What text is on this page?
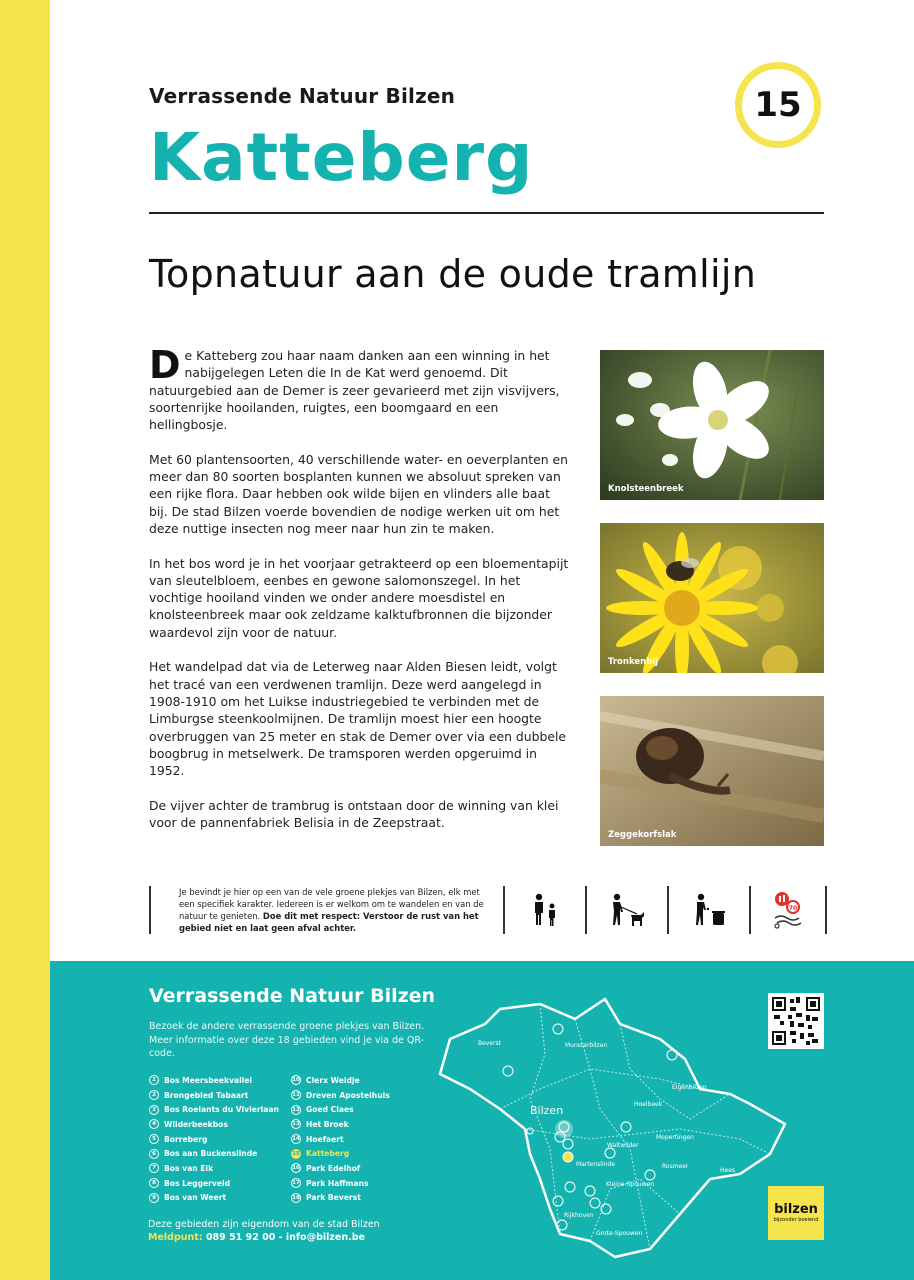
Verrassende Natuur Bilzen
Katteberg
15
Topnatuur aan de oude tramlijn

De Katteberg zou haar naam danken aan een winning in het nabijgelegen Leten die In de Kat werd genoemd. Dit natuurgebied aan de Demer is zeer gevarieerd met zijn visvijvers, soortenrijke hooilanden, ruigtes, een boomgaard en een hellingbosje.

Met 60 plantensoorten, 40 verschillende water- en oeverplanten en meer dan 80 soorten bosplanten kunnen we absoluut spreken van een rijke flora. Daar hebben ook wilde bijen en vlinders alle baat bij. De stad Bilzen voerde bovendien de nodige werken uit om het deze nuttige insecten nog meer naar hun zin te maken.

In het bos word je in het voorjaar getrakteerd op een bloementapijt van sleutelbloem, eenbes en gewone salomonszegel. In het vochtige hooiland vinden we onder andere moesdistel en knolsteenbreek maar ook zeldzame kalktufbronnen die bijzonder waardevol zijn voor de natuur.

Het wandelpad dat via de Leterweg naar Alden Biesen leidt, volgt het tracé van een verdwenen tramlijn. Deze werd aangelegd in 1908-1910 om het Luikse industriegebied te verbinden met de Limburgse steenkoolmijnen. De tramlijn moest hier een hoogte overbruggen van 25 meter en stak de Demer over via een dubbele boogbrug in metselwerk. De tramsporen werden opgeruimd in 1952.

De vijver achter de trambrug is ontstaan door de winning van klei voor de pannenfabriek Belisia in de Zeepstraat.

Knolsteenbreek
Tronkenbij
Zeggekorfslak
Je bevindt je hier op een van de vele groene plekjes van Bilzen, elk met een specifiek karakter. Iedereen is er welkom om te wandelen en van de natuur te genieten. Doe dit met respect: Verstoor de rust van het gebied niet en laat geen afval achter.
70
Verrassende Natuur Bilzen
Bezoek de andere verrassende groene plekjes van Bilzen. Meer informatie over deze 18 gebieden vind je via de QR-code.
1	Bos Meersbeekvallei
2	Brongebied Tabaart
3	Bos Roelants du Vivierlaan
4	Wilderbeekbos
5	Borreberg
6	Bos aan Buckenslinde
7	Bos van Eik
8	Bos Leggerveld
9	Bos van Weert
10 Clerx Weidje
11 Dreven Apostelhuis
12 Goed Claes
13 Het Broek
14 Hoefaert
15 Katteberg
16 Park Edelhof
17 Park Haffmans
18 Park Beverst
Deze gebieden zijn eigendom van de stad Bilzen
Meldpunt: 089 51 92 00 - info@bilzen.be
Bilzen
Beverst	Munsterbilzen
Eigenbilzen
Hoelbeek
Waltwilder
Mopertingen
Rosmeer
Hees
Martenslinde
Kleine-Spouwen
Rijkhoven
Grote-Spouwen
bilzen
bijzonder boeiend
